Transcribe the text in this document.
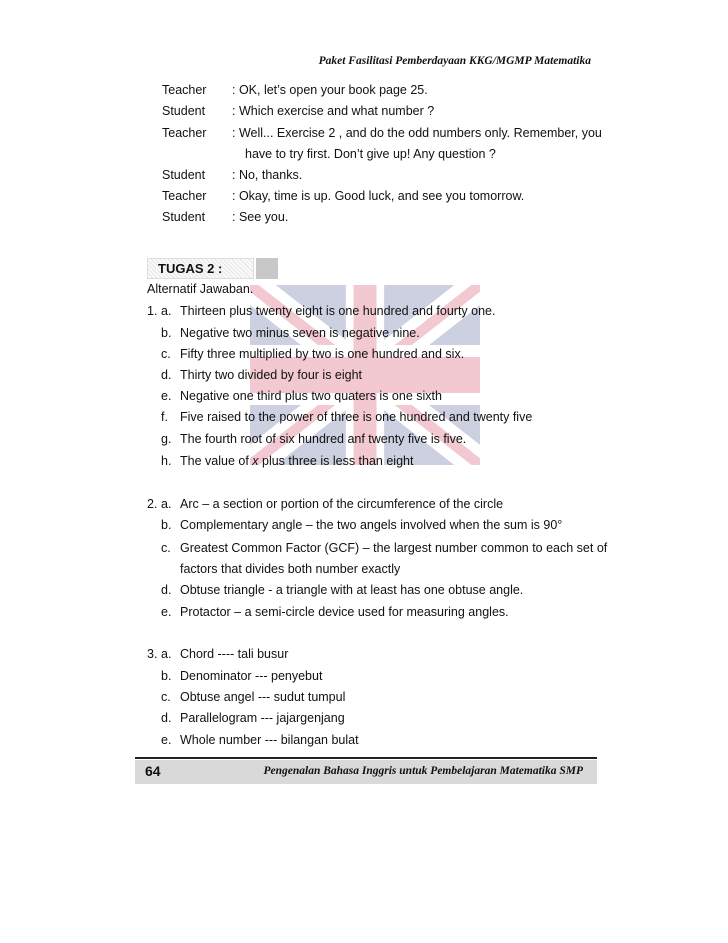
Paket Fasilitasi Pemberdayaan KKG/MGMP Matematika
Teacher	: OK, let’s open your book page 25.
Student	: Which exercise and what number ?
Teacher	: Well... Exercise 2 , and do the odd numbers only. Remember, you
have to try first. Don’t give up! Any question ?
Student	: No, thanks.
Teacher	: Okay, time is up. Good luck, and see you tomorrow.
Student	: See you.
TUGAS 2 :
Alternatif Jawaban.
1. a. Thirteen plus twenty eight is one hundred and fourty one.
b. Negative two minus seven is negative nine.
c. Fifty three multiplied by two is one hundred and six.
d. Thirty two divided by four is eight
e. Negative one third plus two quaters is one sixth
f. Five raised to the power of three is one hundred and twenty five
g. The fourth root of six hundred anf twenty five is five.
h. The value of x plus three is less than eight
2. a. Arc – a section or portion of the circumference of the circle
b. Complementary angle – the two angels involved when the sum is 90°
c. Greatest Common Factor (GCF) – the largest number common to each set of
factors that divides both number exactly
d. Obtuse triangle - a triangle with at least has one obtuse angle.
e. Protactor – a semi-circle device used for measuring angles.
3. a. Chord ---- tali busur
b. Denominator --- penyebut
c. Obtuse angel --- sudut tumpul
d. Parallelogram --- jajargenjang
e. Whole number --- bilangan bulat
64	Pengenalan Bahasa Inggris untuk Pembelajaran Matematika SMP
